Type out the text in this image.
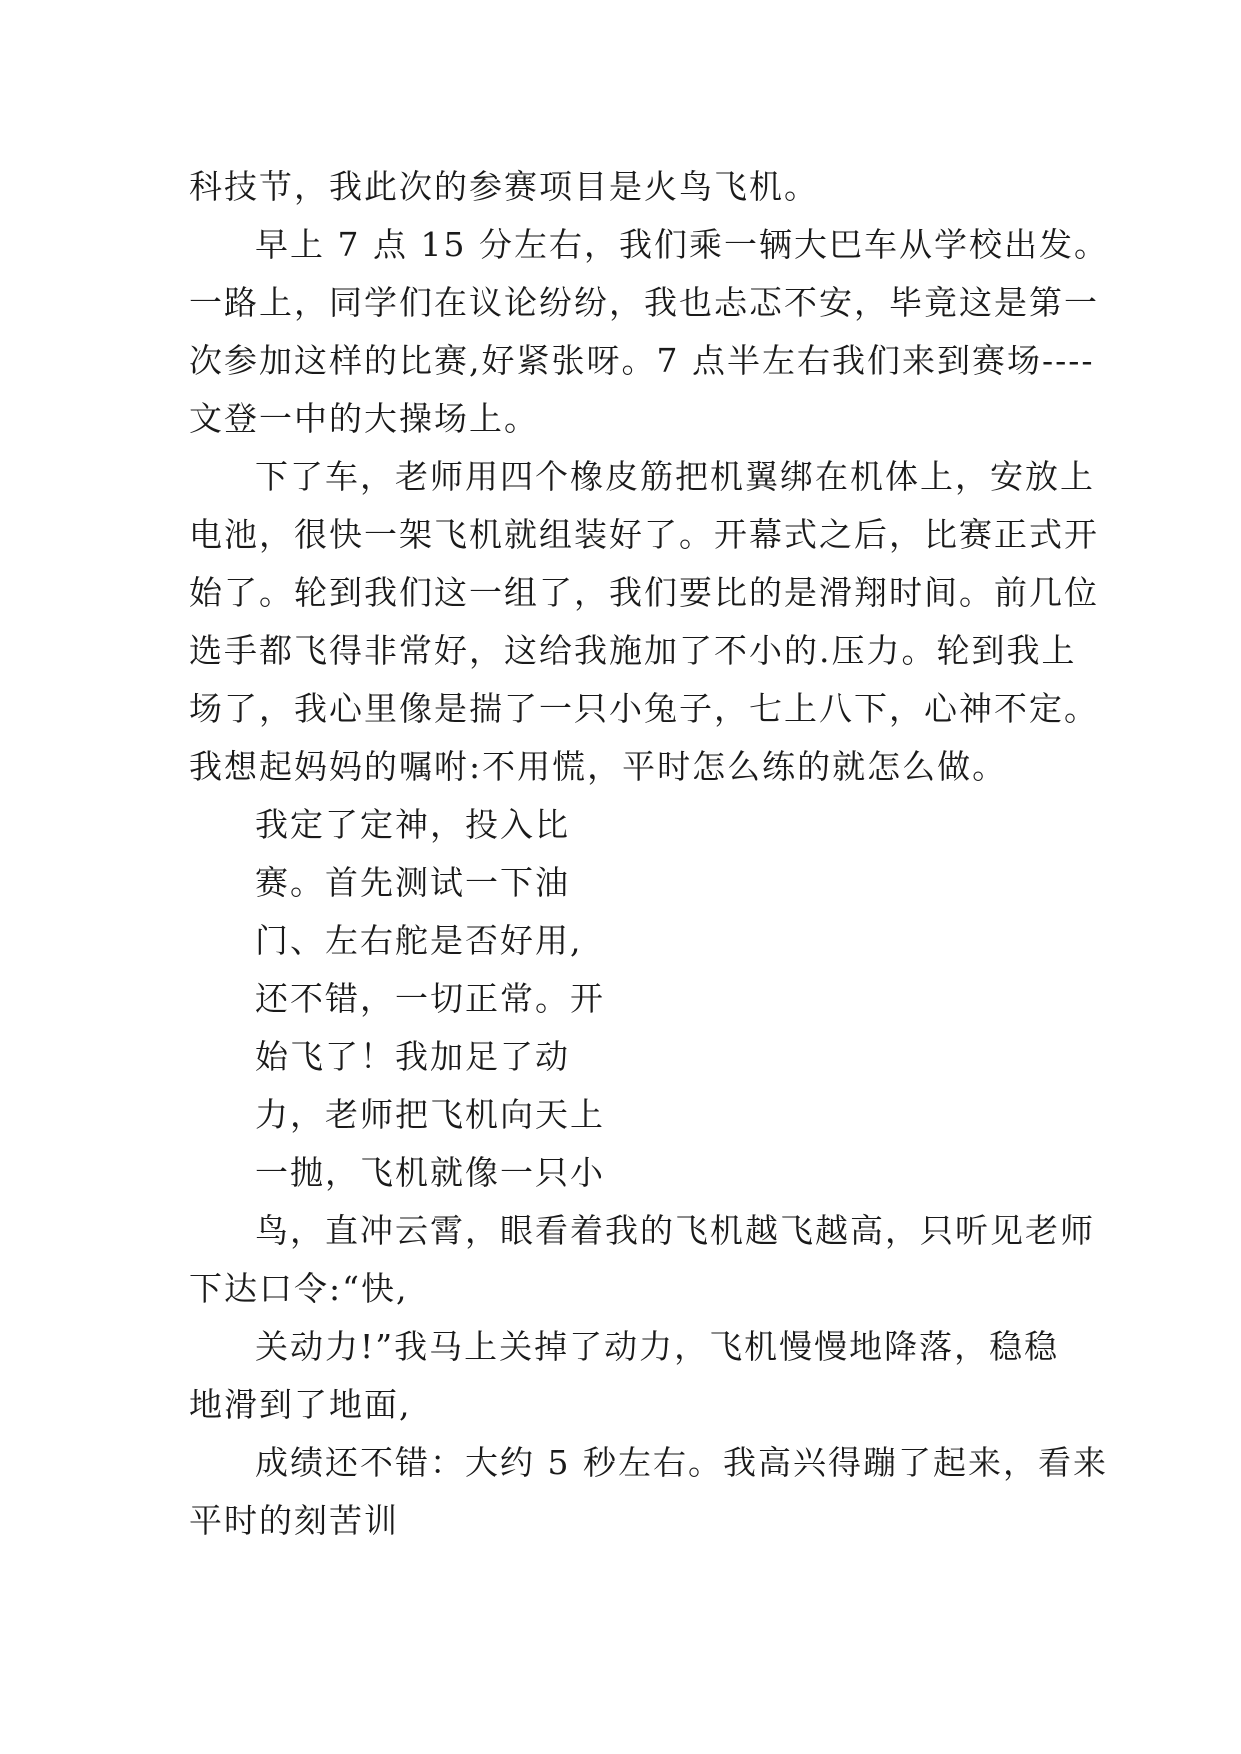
科技节，我此次的参赛项目是火鸟飞机。
早上 7 点 15 分左右，我们乘一辆大巴车从学校出发。
一路上，同学们在议论纷纷，我也忐忑不安，毕竟这是第一
次参加这样的比赛,好紧张呀。7 点半左右我们来到赛场----
文登一中的大操场上。
下了车，老师用四个橡皮筋把机翼绑在机体上，安放上
电池，很快一架飞机就组装好了。开幕式之后，比赛正式开
始了。轮到我们这一组了，我们要比的是滑翔时间。前几位
选手都飞得非常好，这给我施加了不小的.压力。轮到我上
场了，我心里像是揣了一只小兔子，七上八下，心神不定。
我想起妈妈的嘱咐:不用慌，平时怎么练的就怎么做。
我定了定神，投入比
赛。首先测试一下油
门、左右舵是否好用,
还不错，一切正常。开
始飞了！我加足了动
力，老师把飞机向天上
一抛，飞机就像一只小
鸟，直冲云霄，眼看着我的飞机越飞越高，只听见老师
下达口令:“快,
关动力!”我马上关掉了动力，飞机慢慢地降落，稳稳
地滑到了地面,
成绩还不错：大约 5 秒左右。我高兴得蹦了起来，看来
平时的刻苦训
